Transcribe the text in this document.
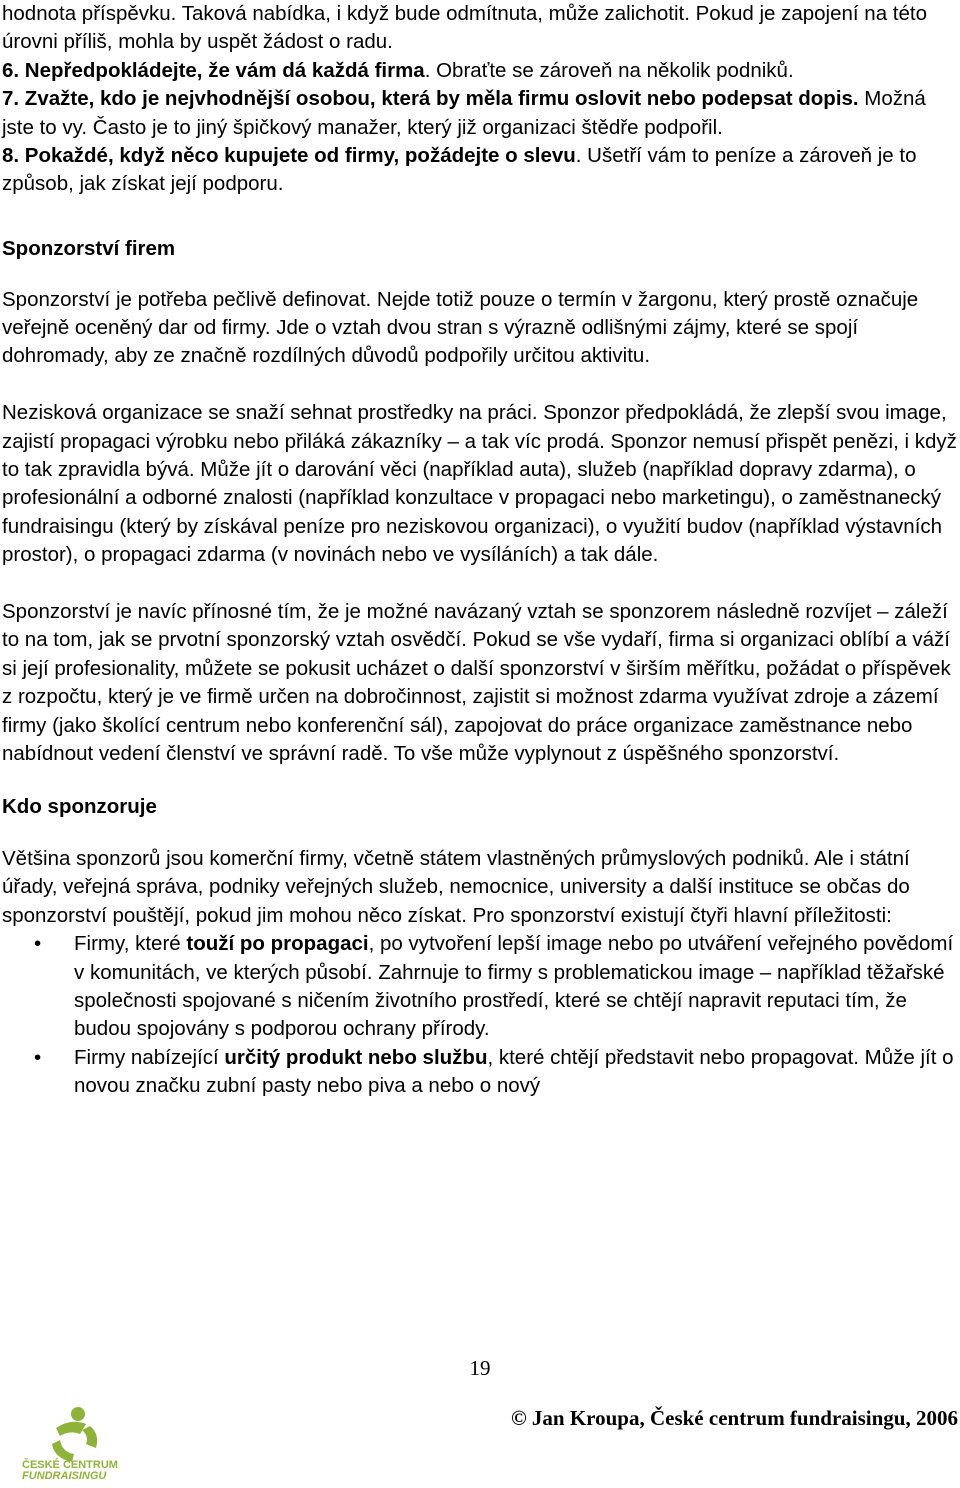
hodnota příspěvku. Taková nabídka, i když bude odmítnuta, může zalichotit. Pokud je zapojení na této úrovni příliš, mohla by uspět žádost o radu.

6. Nepředpokládejte, že vám dá každá firma. Obraťte se zároveň na několik podniků.

7. Zvažte, kdo je nejvhodnější osobou, která by měla firmu oslovit nebo podepsat dopis. Možná jste to vy. Často je to jiný špičkový manažer, který již organizaci štědře podpořil.

8. Pokaždé, když něco kupujete od firmy, požádejte o slevu. Ušetří vám to peníze a zároveň je to způsob, jak získat její podporu.

Sponzorství firem

Sponzorství je potřeba pečlivě definovat. Nejde totiž pouze o termín v žargonu, který prostě označuje veřejně oceněný dar od firmy. Jde o vztah dvou stran s výrazně odlišnými zájmy, které se spojí dohromady, aby ze značně rozdílných důvodů podpořily určitou aktivitu.

Nezisková organizace se snaží sehnat prostředky na práci. Sponzor předpokládá, že zlepší svou image, zajistí propagaci výrobku nebo přiláká zákazníky – a tak víc prodá. Sponzor nemusí přispět penězi, i když to tak zpravidla bývá. Může jít o darování věci (například auta), služeb (například dopravy zdarma), o profesionální a odborné znalosti (například konzultace v propagaci nebo marketingu), o zaměstnanecký fundraisingu (který by získával peníze pro neziskovou organizaci), o využití budov (například výstavních prostor), o propagaci zdarma (v novinách nebo ve vysíláních) a tak dále.

Sponzorství je navíc přínosné tím, že je možné navázaný vztah se sponzorem následně rozvíjet – záleží to na tom, jak se prvotní sponzorský vztah osvědčí. Pokud se vše vydaří, firma si organizaci oblíbí a váží si její profesionality, můžete se pokusit ucházet o další sponzorství v širším měřítku, požádat o příspěvek z rozpočtu, který je ve firmě určen na dobročinnost, zajistit si možnost zdarma využívat zdroje a zázemí firmy (jako školící centrum nebo konferenční sál), zapojovat do práce organizace zaměstnance nebo nabídnout vedení členství ve správní radě. To vše může vyplynout z úspěšného sponzorství.

Kdo sponzoruje

Většina sponzorů jsou komerční firmy, včetně státem vlastněných průmyslových podniků. Ale i státní úřady, veřejná správa, podniky veřejných služeb, nemocnice, university a další instituce se občas do sponzorství pouštějí, pokud jim mohou něco získat. Pro sponzorství existují čtyři hlavní příležitosti:

• Firmy, které touží po propagaci, po vytvoření lepší image nebo po utváření veřejného povědomí v komunitách, ve kterých působí. Zahrnuje to firmy s problematickou image – například těžařské společnosti spojované s ničením životního prostředí, které se chtějí napravit reputaci tím, že budou spojovány s podporou ochrany přírody.
• Firmy nabízející určitý produkt nebo službu, které chtějí představit nebo propagovat. Může jít o novou značku zubní pasty nebo piva a nebo o nový
19
ČESKÉ CENTRUM
FUNDRAISINGU
© Jan Kroupa, České centrum fundraisingu, 2006
